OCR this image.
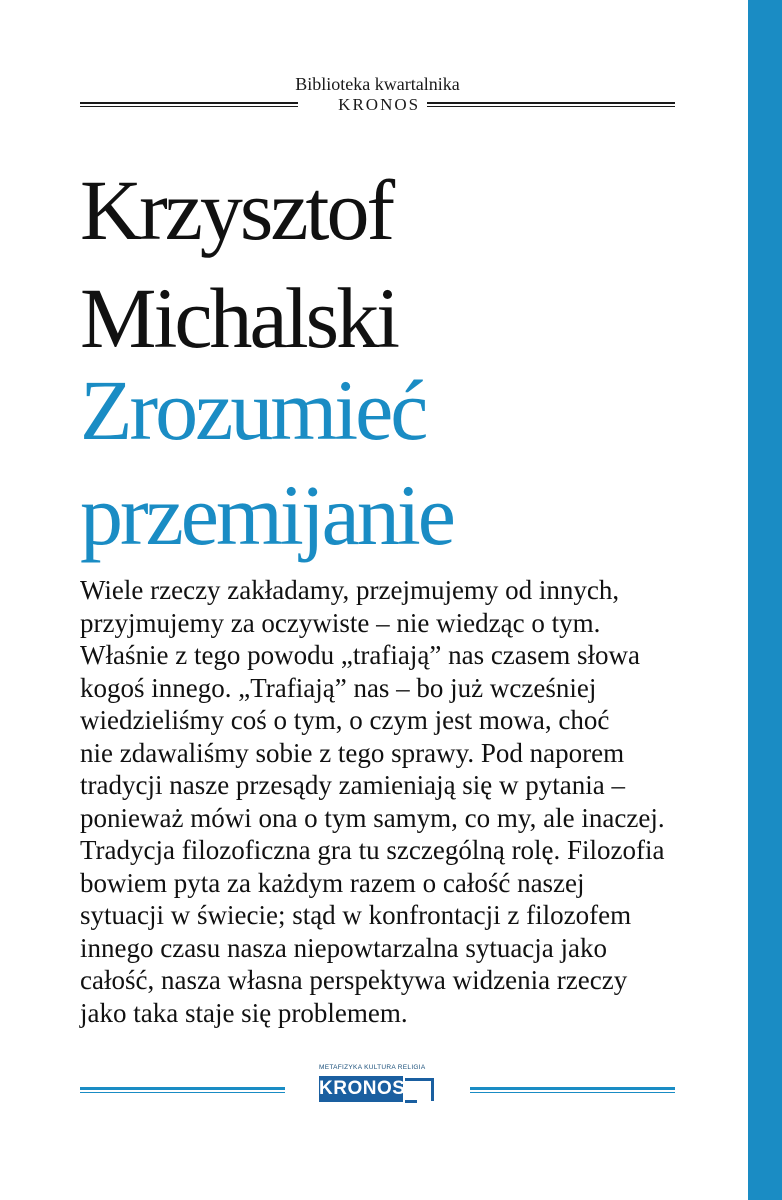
Biblioteka kwartalnika
KRONOS
Krzysztof
Michalski
Zrozumieć
przemijanie
Wiele rzeczy zakładamy, przejmujemy od innych,
przyjmujemy za oczywiste – nie wiedząc o tym.
Właśnie z tego powodu „trafiają” nas czasem słowa
kogoś innego. „Trafiają” nas – bo już wcześniej
wiedzieliśmy coś o tym, o czym jest mowa, choć
nie zdawaliśmy sobie z tego sprawy. Pod naporem
tradycji nasze przesądy zamieniają się w pytania –
ponieważ mówi ona o tym samym, co my, ale inaczej.
Tradycja filozoficzna gra tu szczególną rolę. Filozofia
bowiem pyta za każdym razem o całość naszej
sytuacji w świecie; stąd w konfrontacji z filozofem
innego czasu nasza niepowtarzalna sytuacja jako
całość, nasza własna perspektywa widzenia rzeczy
jako taka staje się problemem.
METAFIZYKA KULTURA RELIGIA
KRONOS
